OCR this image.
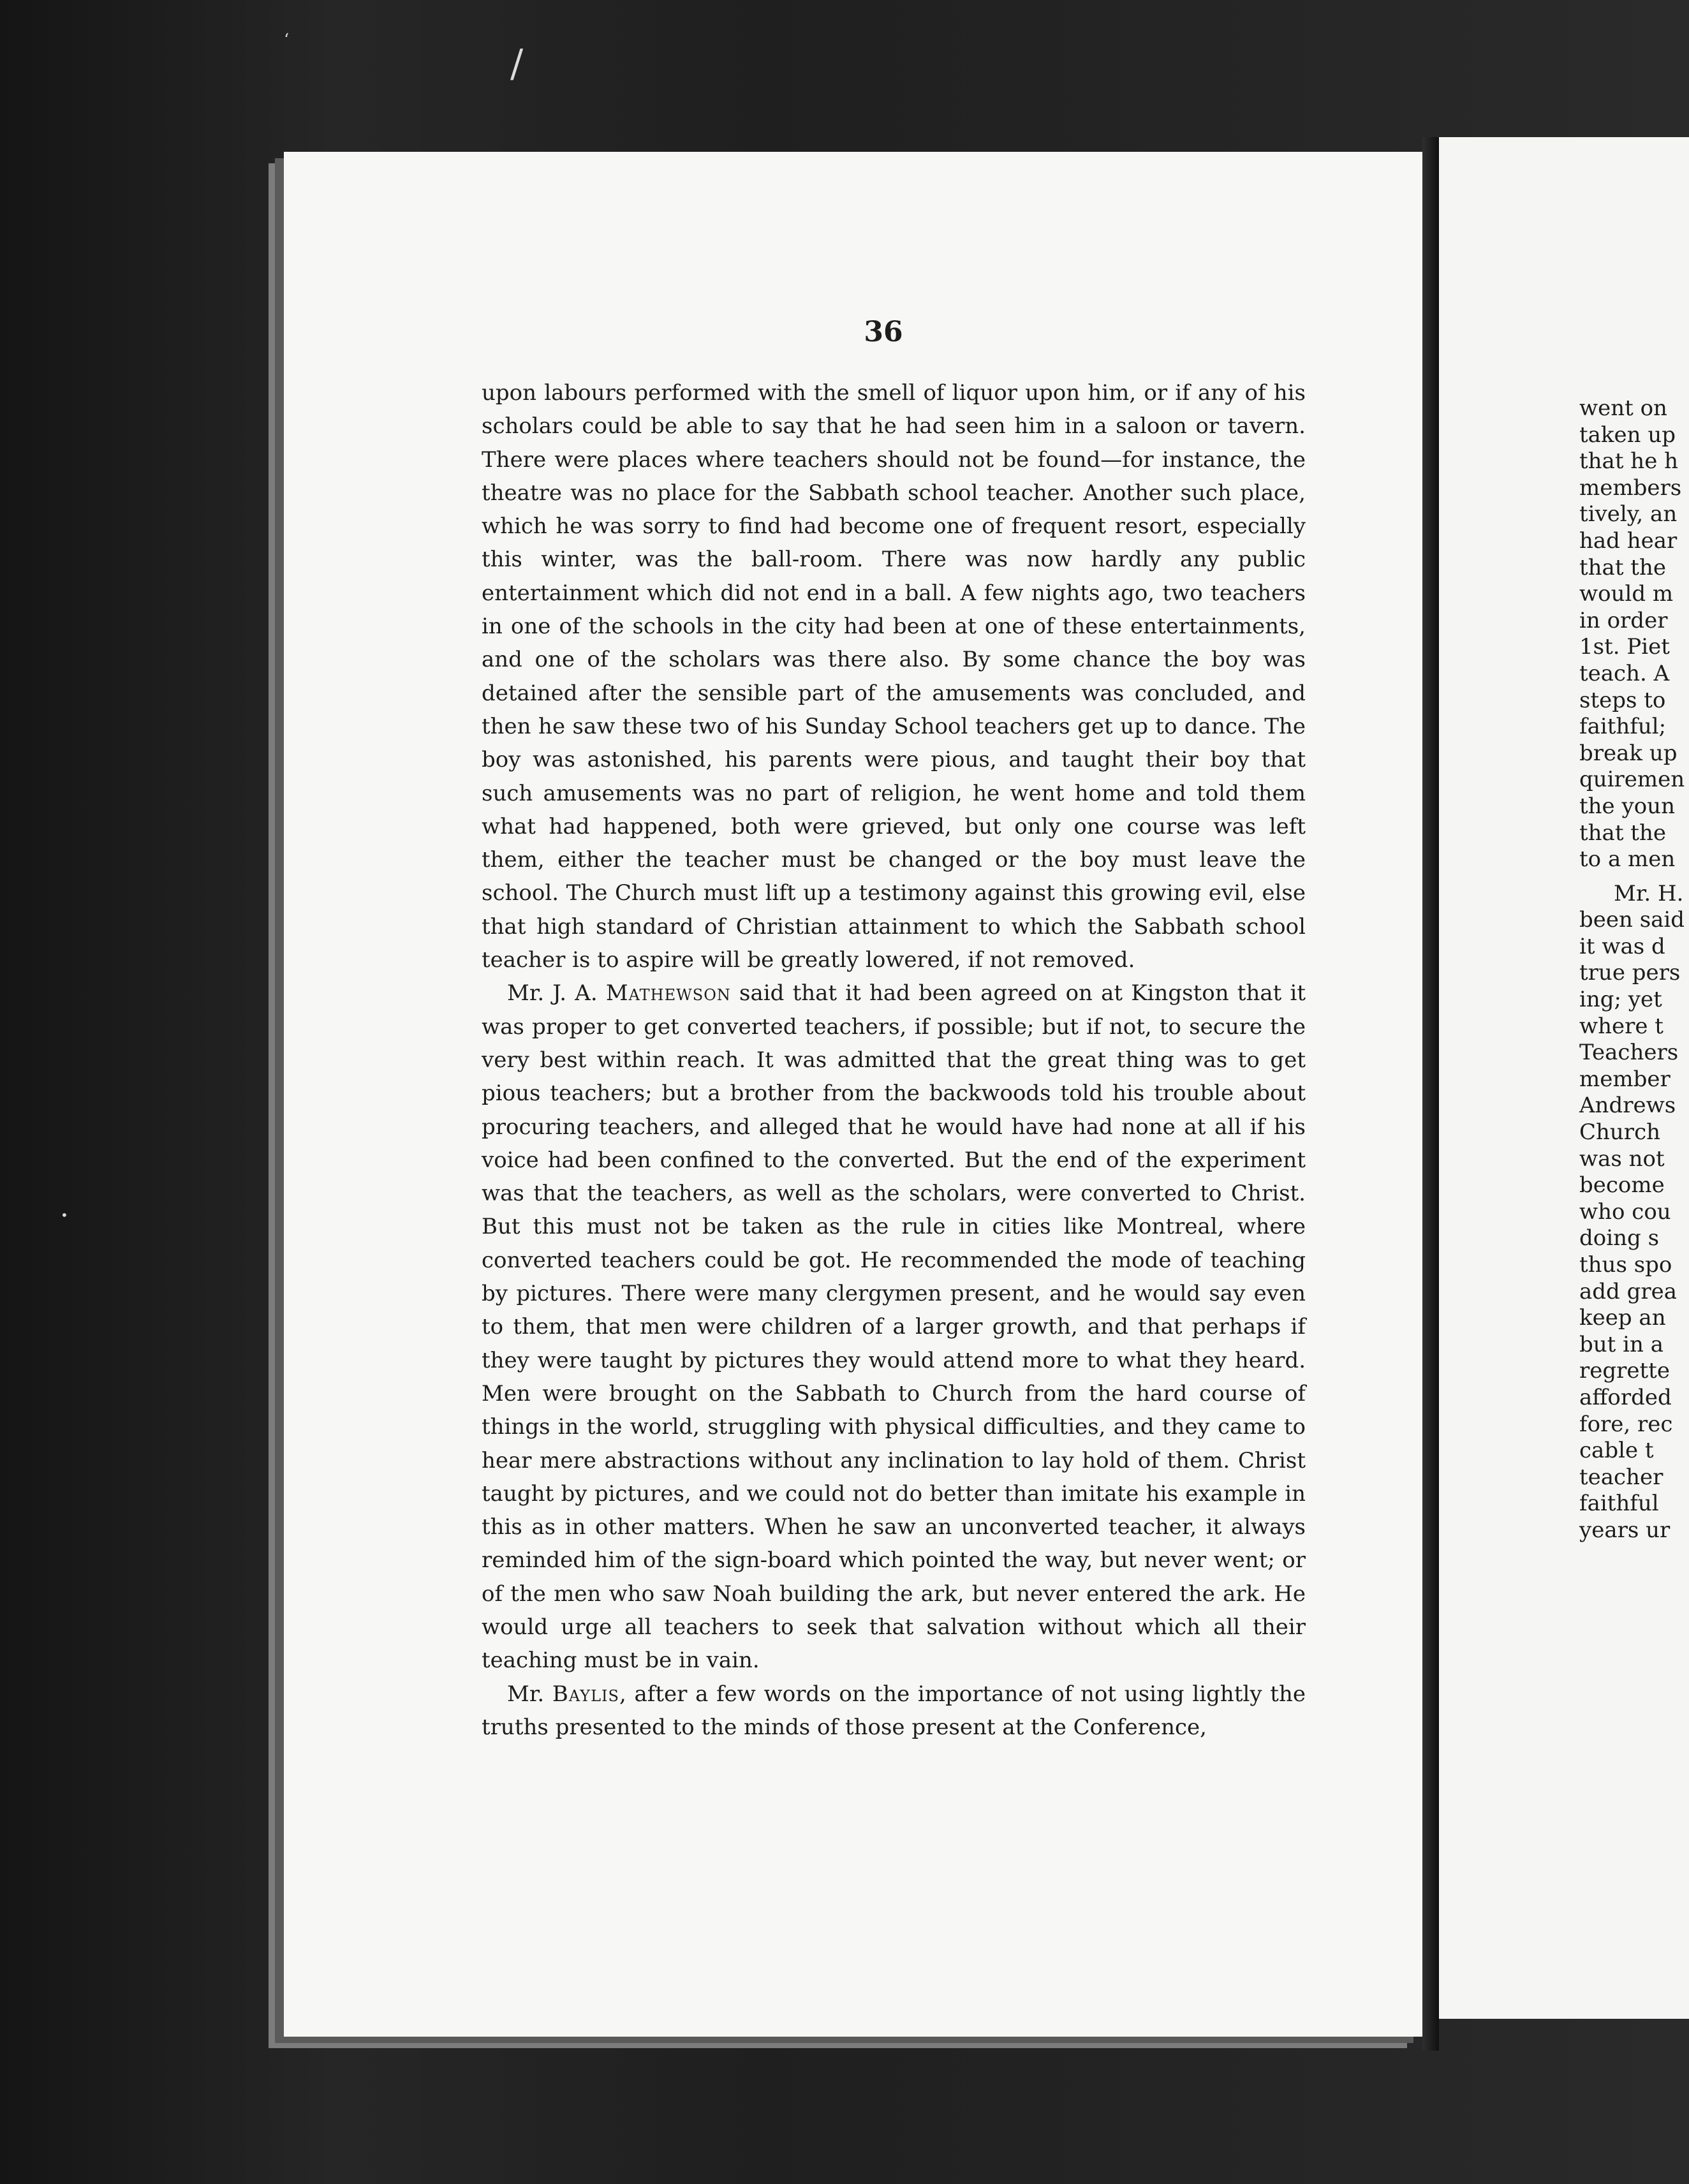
ʻ
/
•
36

upon labours performed with the smell of liquor upon him, or if any of his scholars could be able to say that he had seen him in a saloon or tavern. There were places where teachers should not be found—for instance, the theatre was no place for the Sabbath school teacher. Another such place, which he was sorry to find had become one of frequent resort, especially this winter, was the ball-room. There was now hardly any public entertainment which did not end in a ball. A few nights ago, two teachers in one of the schools in the city had been at one of these entertainments, and one of the scholars was there also. By some chance the boy was detained after the sensible part of the amusements was concluded, and then he saw these two of his Sunday School teachers get up to dance. The boy was astonished, his parents were pious, and taught their boy that such amusements was no part of religion, he went home and told them what had happened, both were grieved, but only one course was left them, either the teacher must be changed or the boy must leave the school. The Church must lift up a testimony against this growing evil, else that high standard of Christian attainment to which the Sabbath school teacher is to aspire will be greatly lowered, if not removed.

Mr. J. A. Mathewson said that it had been agreed on at Kingston that it was proper to get converted teachers, if possible; but if not, to secure the very best within reach. It was admitted that the great thing was to get pious teachers; but a brother from the backwoods told his trouble about procuring teachers, and alleged that he would have had none at all if his voice had been confined to the converted. But the end of the experiment was that the teachers, as well as the scholars, were converted to Christ. But this must not be taken as the rule in cities like Montreal, where converted teachers could be got. He recommended the mode of teaching by pictures. There were many clergymen present, and he would say even to them, that men were children of a larger growth, and that perhaps if they were taught by pictures they would attend more to what they heard. Men were brought on the Sabbath to Church from the hard course of things in the world, struggling with physical difficulties, and they came to hear mere abstractions without any inclination to lay hold of them. Christ taught by pictures, and we could not do better than imitate his example in this as in other matters. When he saw an unconverted teacher, it always reminded him of the sign-board which pointed the way, but never went; or of the men who saw Noah building the ark, but never entered the ark. He would urge all teachers to seek that salvation without which all their teaching must be in vain.

Mr. Baylis, after a few words on the importance of not using lightly the truths presented to the minds of those present at the Conference,

went on
taken up
that he h
members
tively, an
had hear
that the
would m
in order
1st. Piet
teach. A
steps to
faithful;
break up
quiremen
the youn
that the
to a men
Mr. H.
been said
it was d
true pers
ing; yet
where t
Teachers
member
Andrews
Church
was not
become
who cou
doing s
thus spo
add grea
keep an
but in a
regrette
afforded
fore, rec
cable t
teacher
faithful
years ur
